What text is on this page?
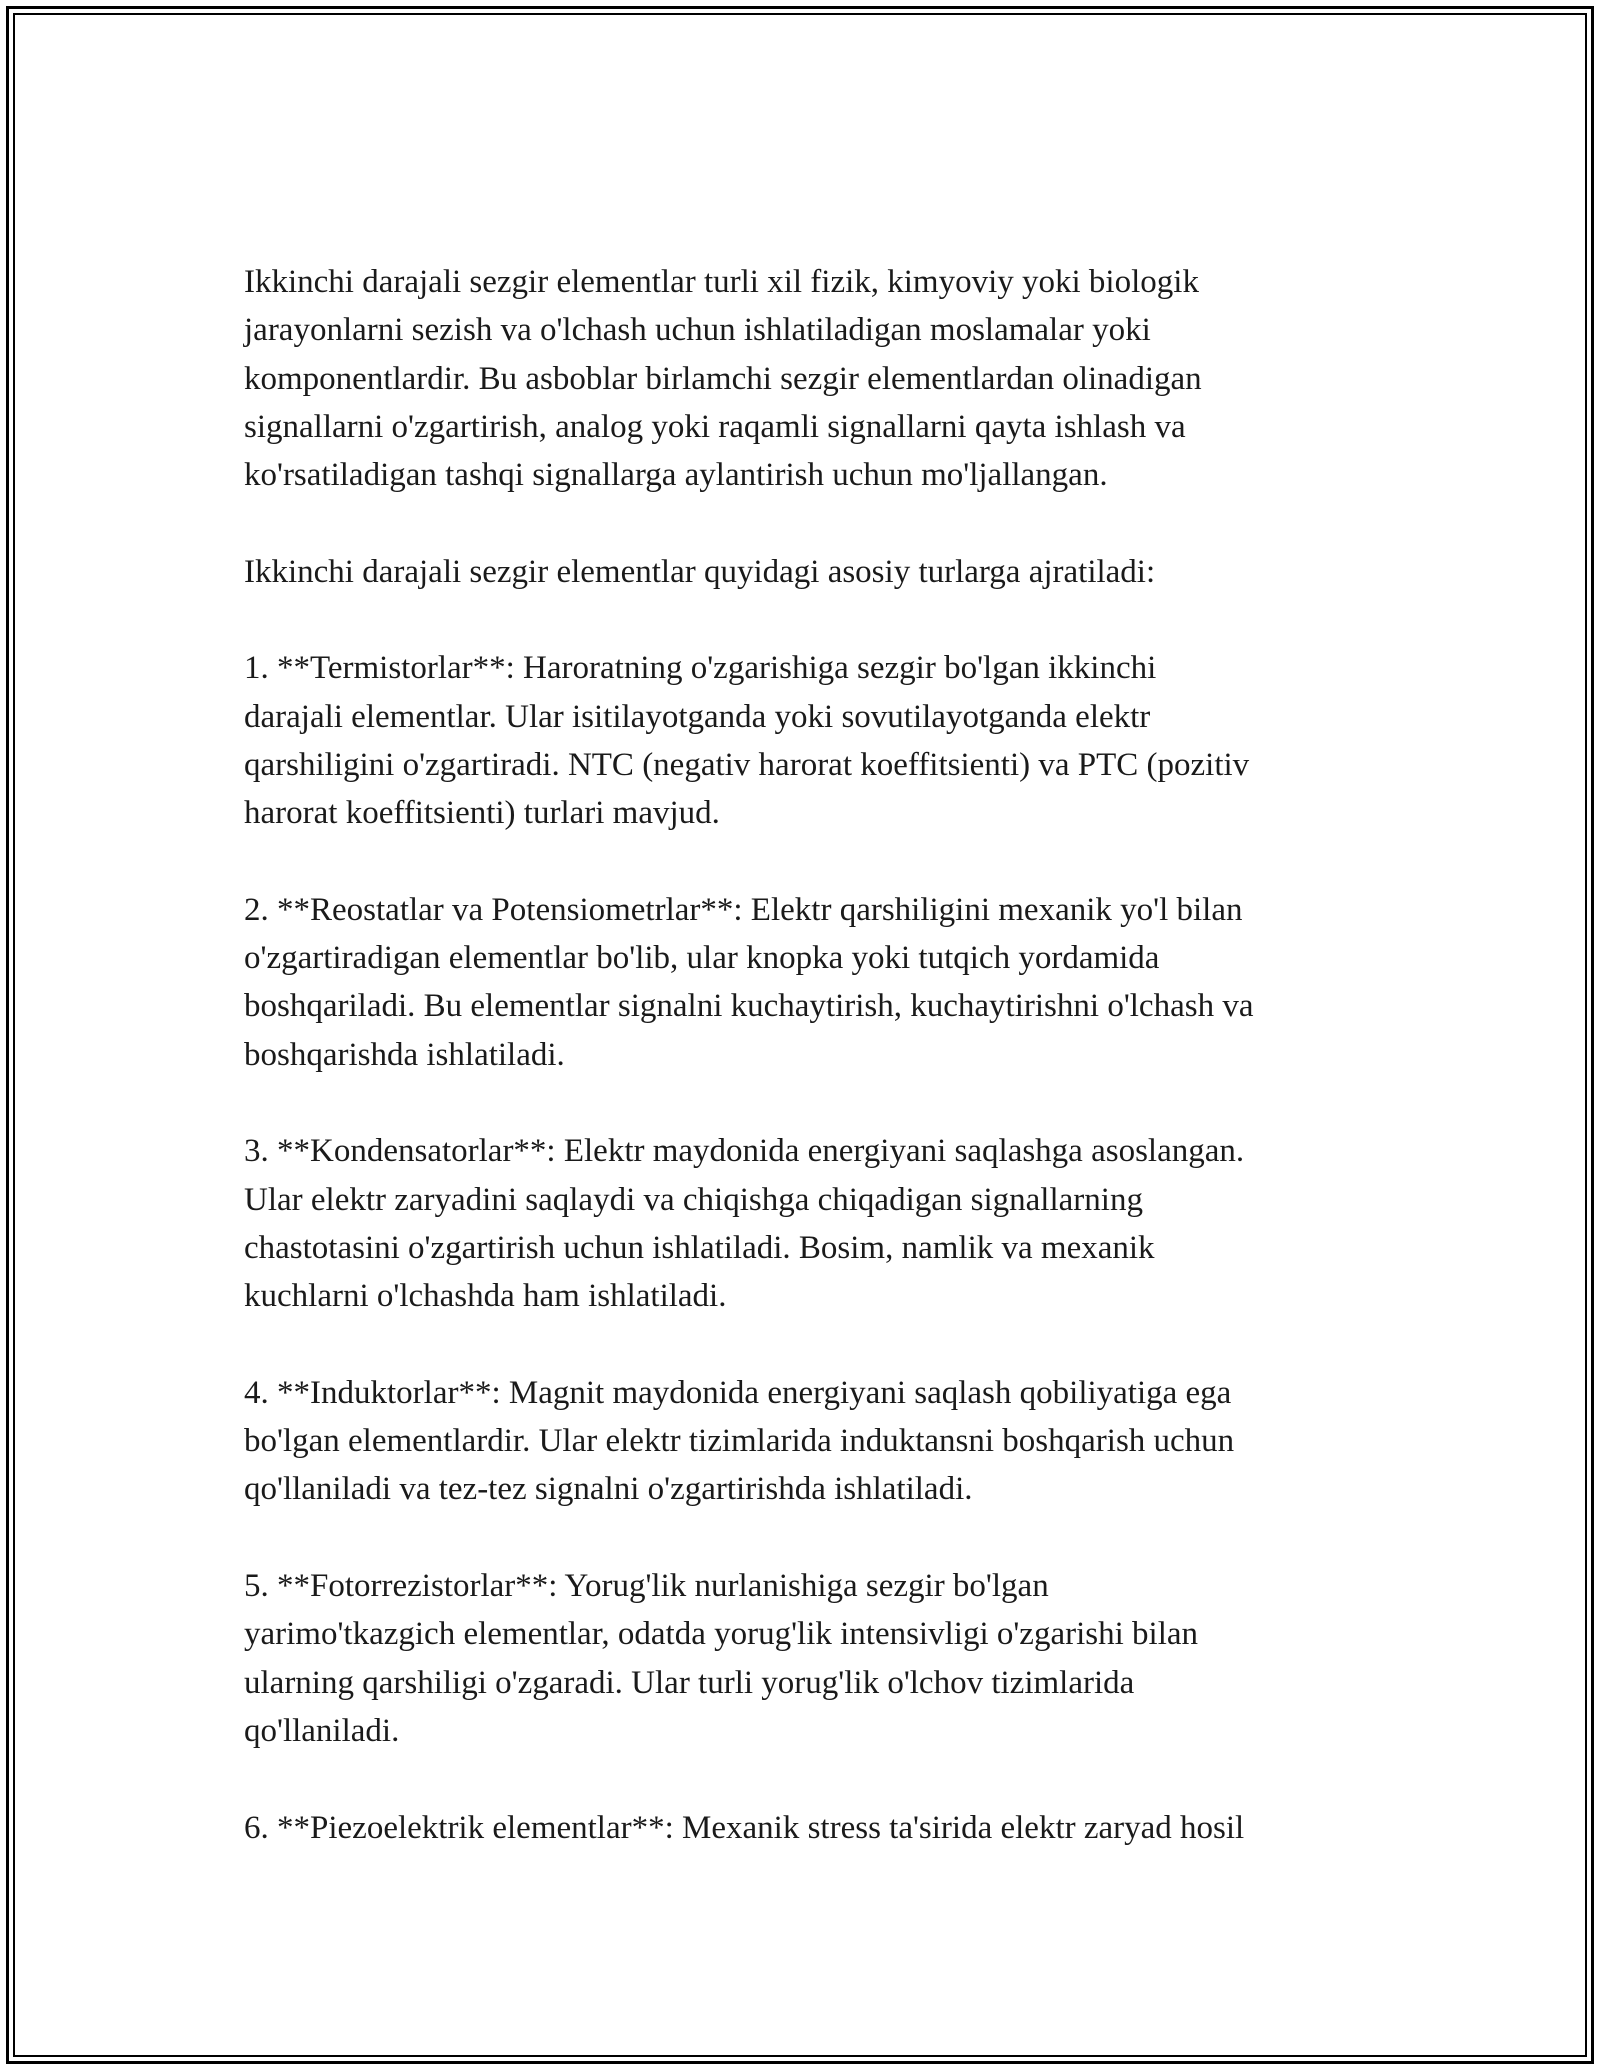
Ikkinchi darajali sezgir elementlar turli xil fizik, kimyoviy yoki biologik
jarayonlarni sezish va o'lchash uchun ishlatiladigan moslamalar yoki
komponentlardir. Bu asboblar birlamchi sezgir elementlardan olinadigan
signallarni o'zgartirish, analog yoki raqamli signallarni qayta ishlash va
ko'rsatiladigan tashqi signallarga aylantirish uchun mo'ljallangan.

Ikkinchi darajali sezgir elementlar quyidagi asosiy turlarga ajratiladi:

1. **Termistorlar**: Haroratning o'zgarishiga sezgir bo'lgan ikkinchi
darajali elementlar. Ular isitilayotganda yoki sovutilayotganda elektr
qarshiligini o'zgartiradi. NTC (negativ harorat koeffitsienti) va PTC (pozitiv
harorat koeffitsienti) turlari mavjud.

2. **Reostatlar va Potensiometrlar**: Elektr qarshiligini mexanik yo'l bilan
o'zgartiradigan elementlar bo'lib, ular knopka yoki tutqich yordamida
boshqariladi. Bu elementlar signalni kuchaytirish, kuchaytirishni o'lchash va
boshqarishda ishlatiladi.

3. **Kondensatorlar**: Elektr maydonida energiyani saqlashga asoslangan.
Ular elektr zaryadini saqlaydi va chiqishga chiqadigan signallarning
chastotasini o'zgartirish uchun ishlatiladi. Bosim, namlik va mexanik
kuchlarni o'lchashda ham ishlatiladi.

4. **Induktorlar**: Magnit maydonida energiyani saqlash qobiliyatiga ega
bo'lgan elementlardir. Ular elektr tizimlarida induktansni boshqarish uchun
qo'llaniladi va tez-tez signalni o'zgartirishda ishlatiladi.

5. **Fotorrezistorlar**: Yorug'lik nurlanishiga sezgir bo'lgan
yarimo'tkazgich elementlar, odatda yorug'lik intensivligi o'zgarishi bilan
ularning qarshiligi o'zgaradi. Ular turli yorug'lik o'lchov tizimlarida
qo'llaniladi.

6. **Piezoelektrik elementlar**: Mexanik stress ta'sirida elektr zaryad hosil
